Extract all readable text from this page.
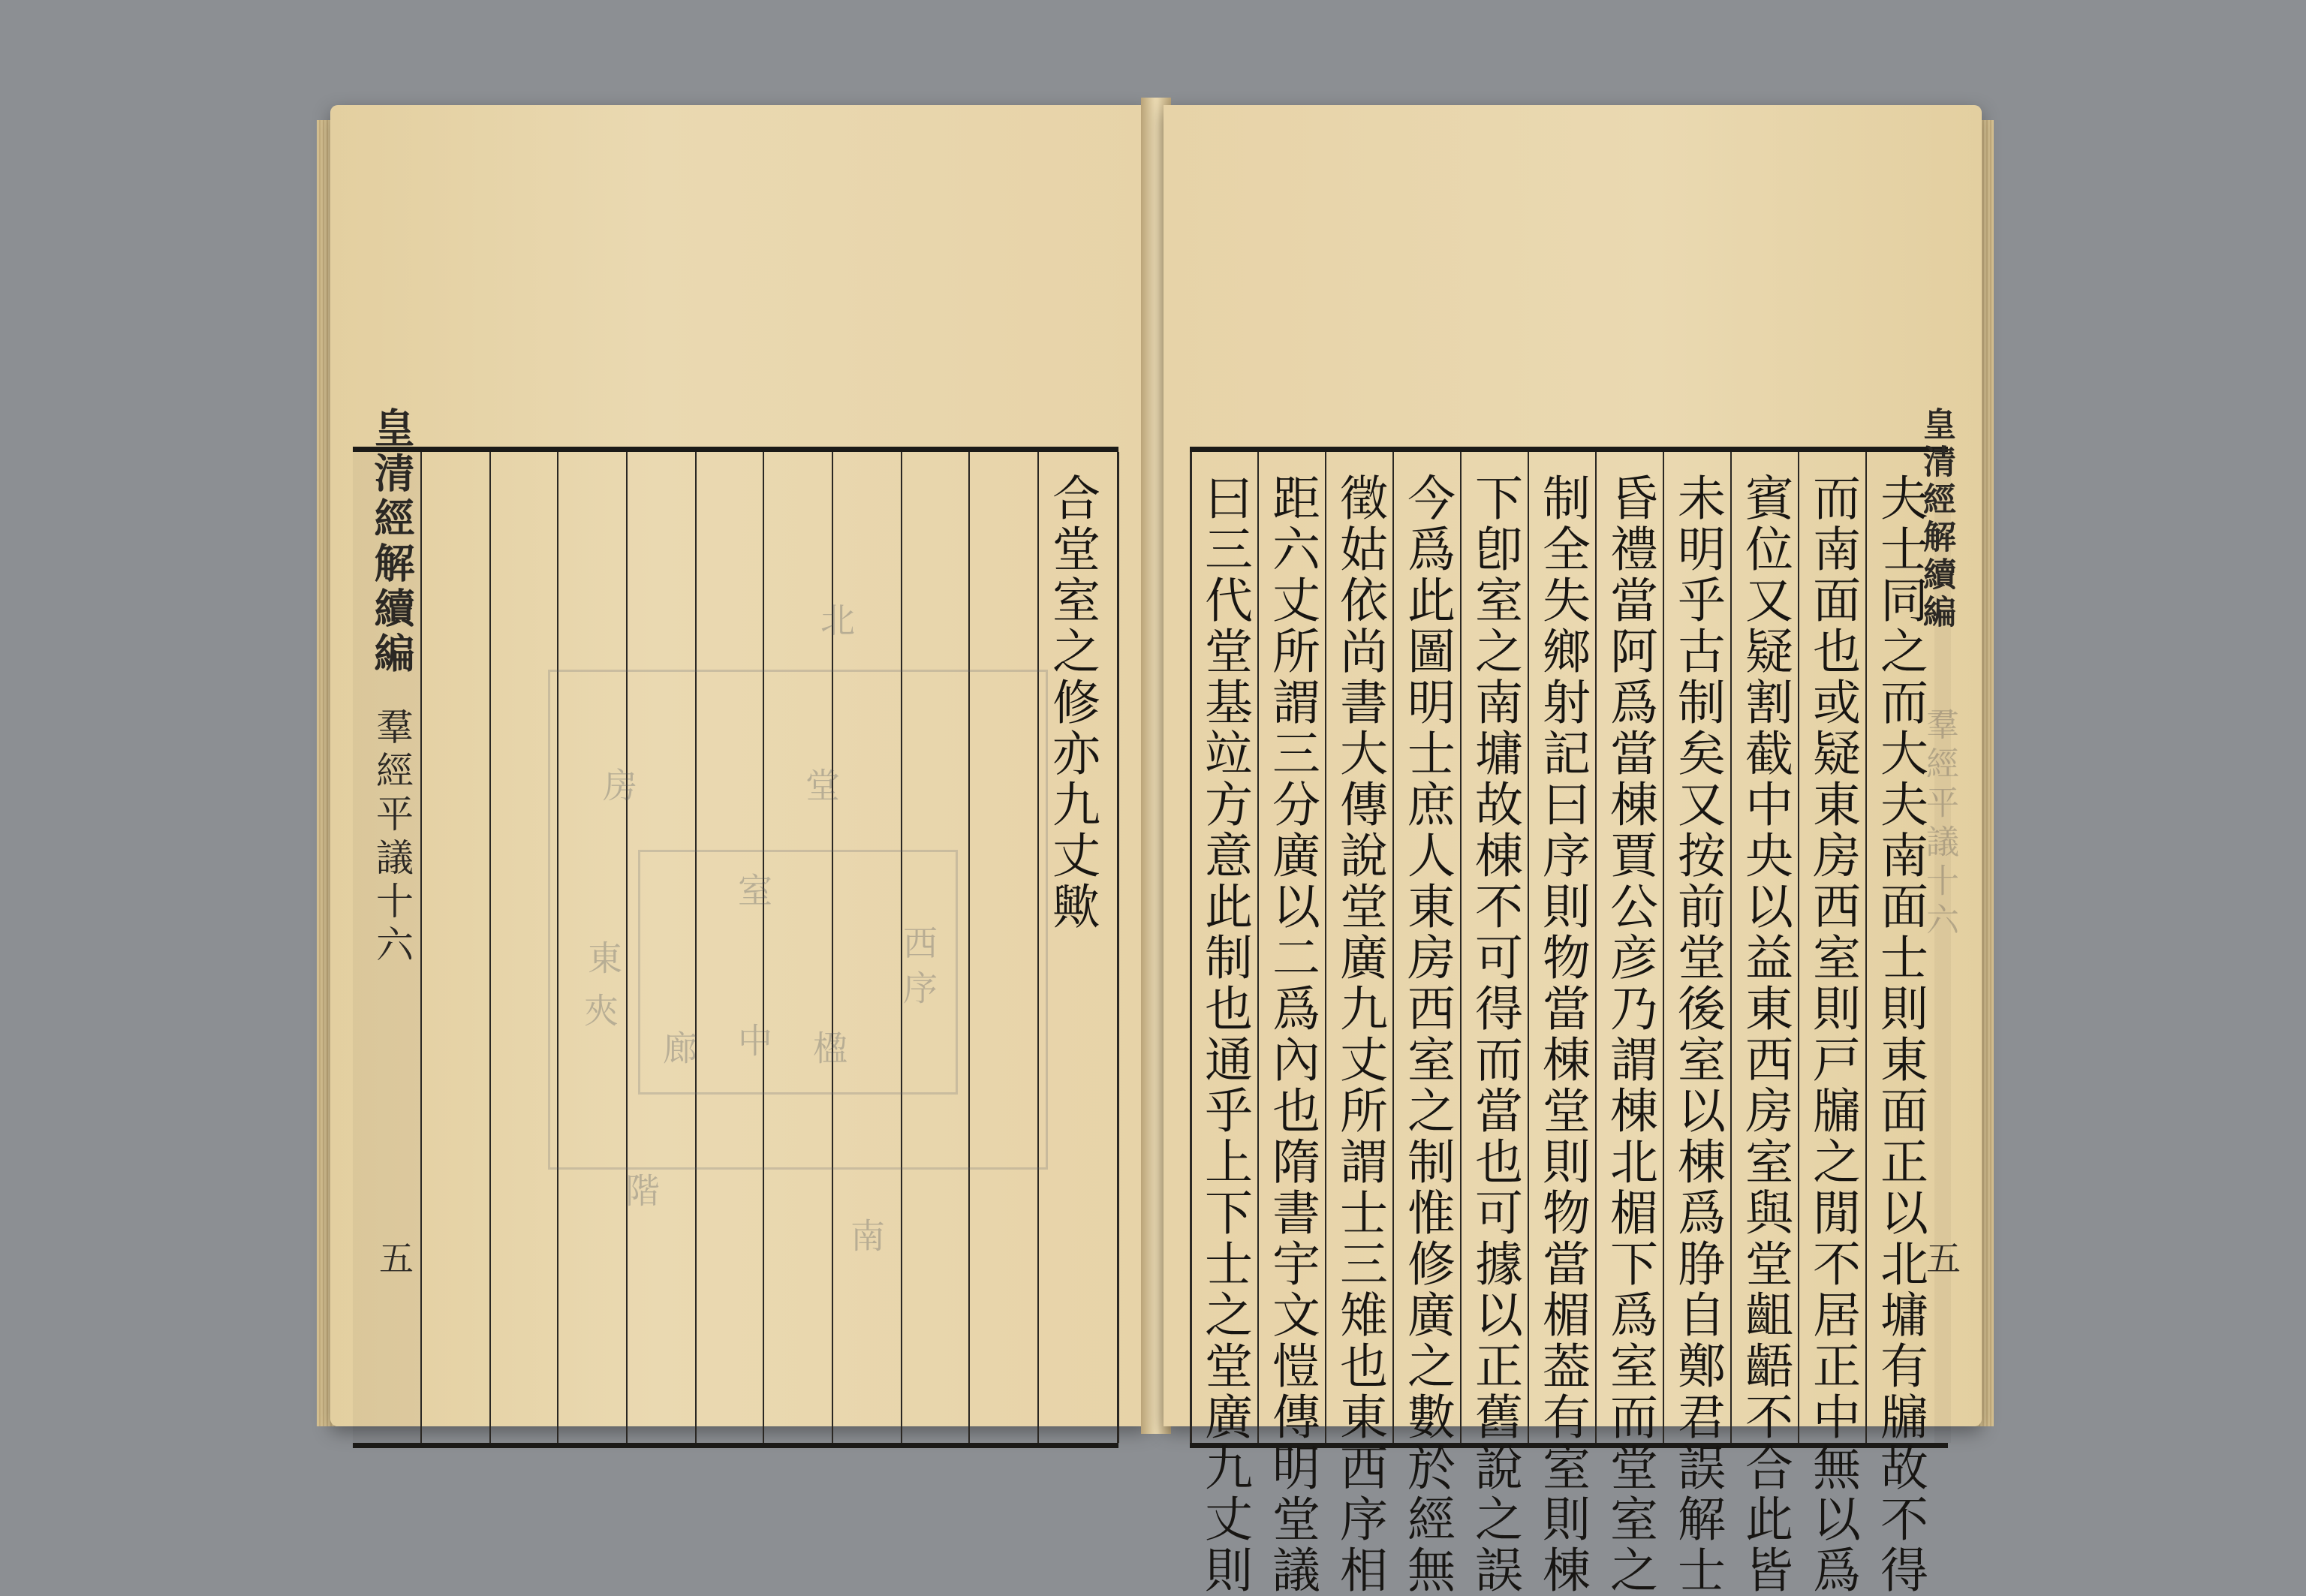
皇清經解續編
羣經平議十六
五
合堂室之修亦九丈歟
北
堂
室
房
東
夾
西
序
中
廊	楹
階
南	曰三代堂基竝方意此制也通乎上下士之堂廣九丈則 距六丈所謂三分廣以二爲內也隋書宇文愷傳明堂議 徵姑依尚書大傳說堂廣九丈所謂士三雉也東西序相 今爲此圖明士庶人東房西室之制惟修廣之數於經無 下卽室之南墉故棟不可得而當也可據以正舊說之誤 制全失鄉射記曰序則物當棟堂則物當楣葢有室則棟 昏禮當阿爲當棟賈公彦乃謂棟北楣下爲室而堂室之 未明乎古制矣又按前堂後室以棟爲㬹自鄭君誤解士 賓位又疑割截中央以益東西房室與堂齟齬不合此皆 而南面也或疑東房西室則戸牖之閒不居正中無以爲 夫士同之而大夫南面士則東面正以北墉有牖故不得
皇清經解續編
羣經平議十六
五
